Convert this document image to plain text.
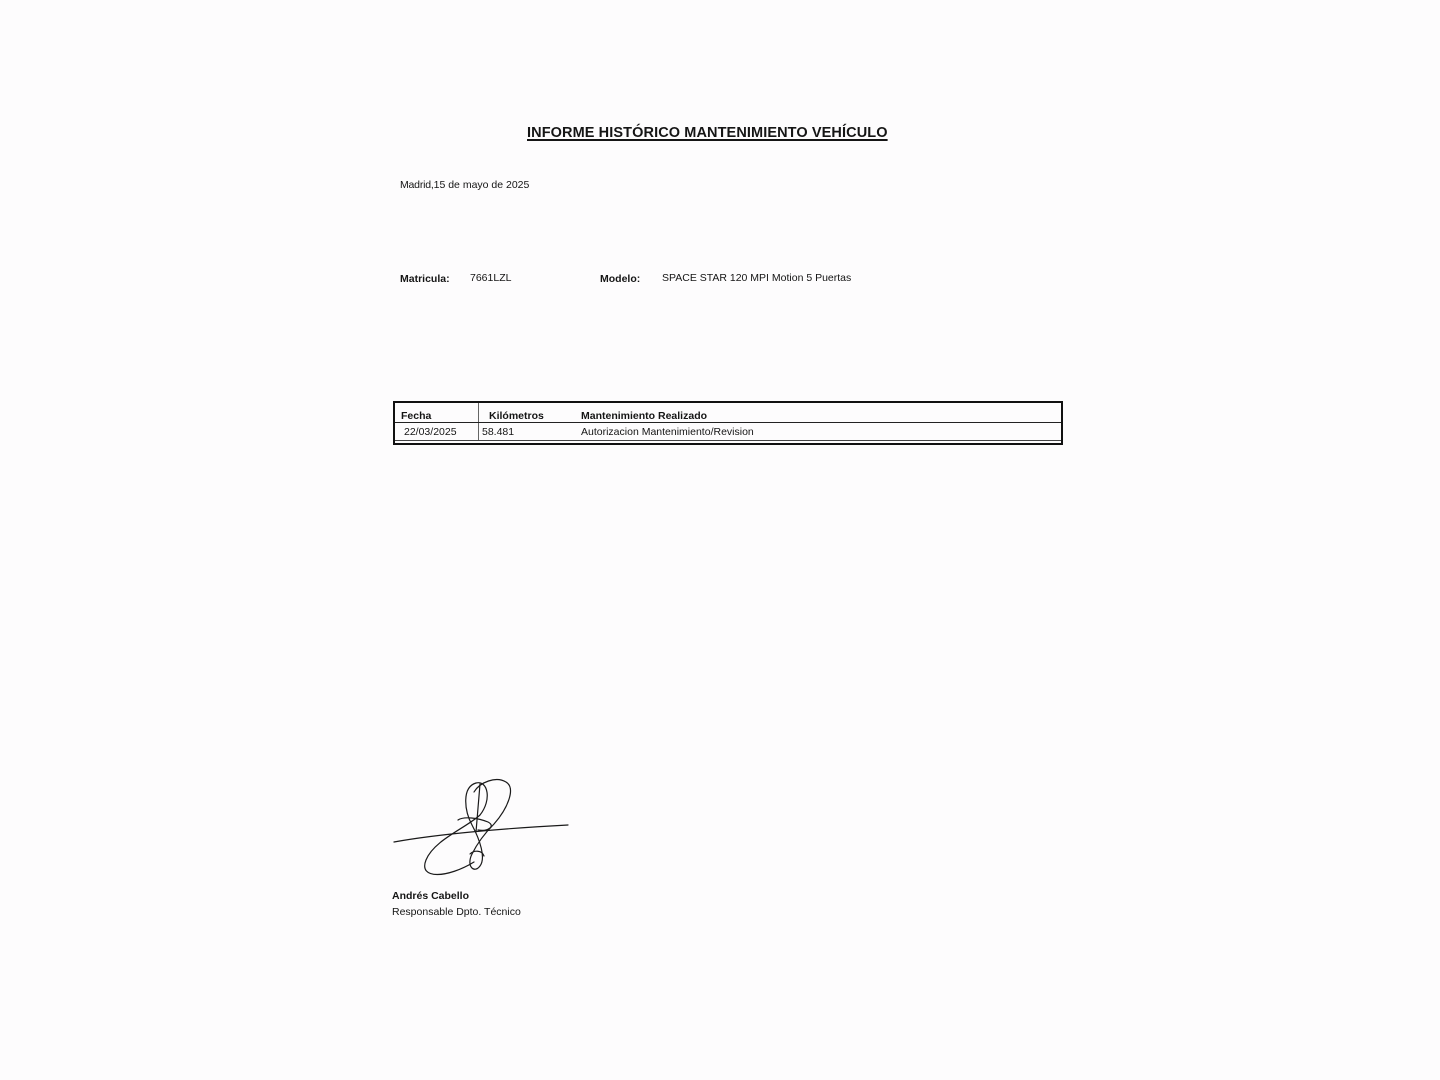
INFORME HISTÓRICO MANTENIMIENTO VEHÍCULO
Madrid,15 de mayo de 2025
Matricula: 7661LZL	Modelo: SPACE STAR 120 MPI Motion 5 Puertas
Fecha	Kilómetros	Mantenimiento Realizado
22/03/2025	58.481	Autorizacion Mantenimiento/Revision
Andrés Cabello
Responsable Dpto. Técnico
